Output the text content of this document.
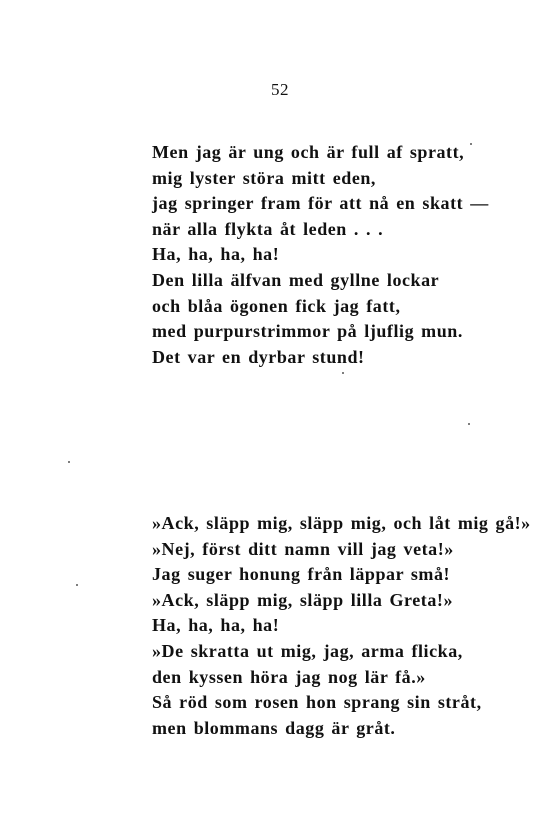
52
Men jag är ung och är full af spratt,
mig lyster störa mitt eden,
jag springer fram för att nå en skatt —
när alla flykta åt leden . . .
Ha, ha, ha, ha!
Den lilla älfvan med gyllne lockar
och blåa ögonen fick jag fatt,
med purpurstrimmor på ljuflig mun.
Det var en dyrbar stund!
»Ack, släpp mig, släpp mig, och låt mig gå!»
»Nej, först ditt namn vill jag veta!»
Jag suger honung från läppar små!
»Ack, släpp mig, släpp lilla Greta!»
Ha, ha, ha, ha!
»De skratta ut mig, jag, arma flicka,
den kyssen höra jag nog lär få.»
Så röd som rosen hon sprang sin stråt,
men blommans dagg är gråt.
